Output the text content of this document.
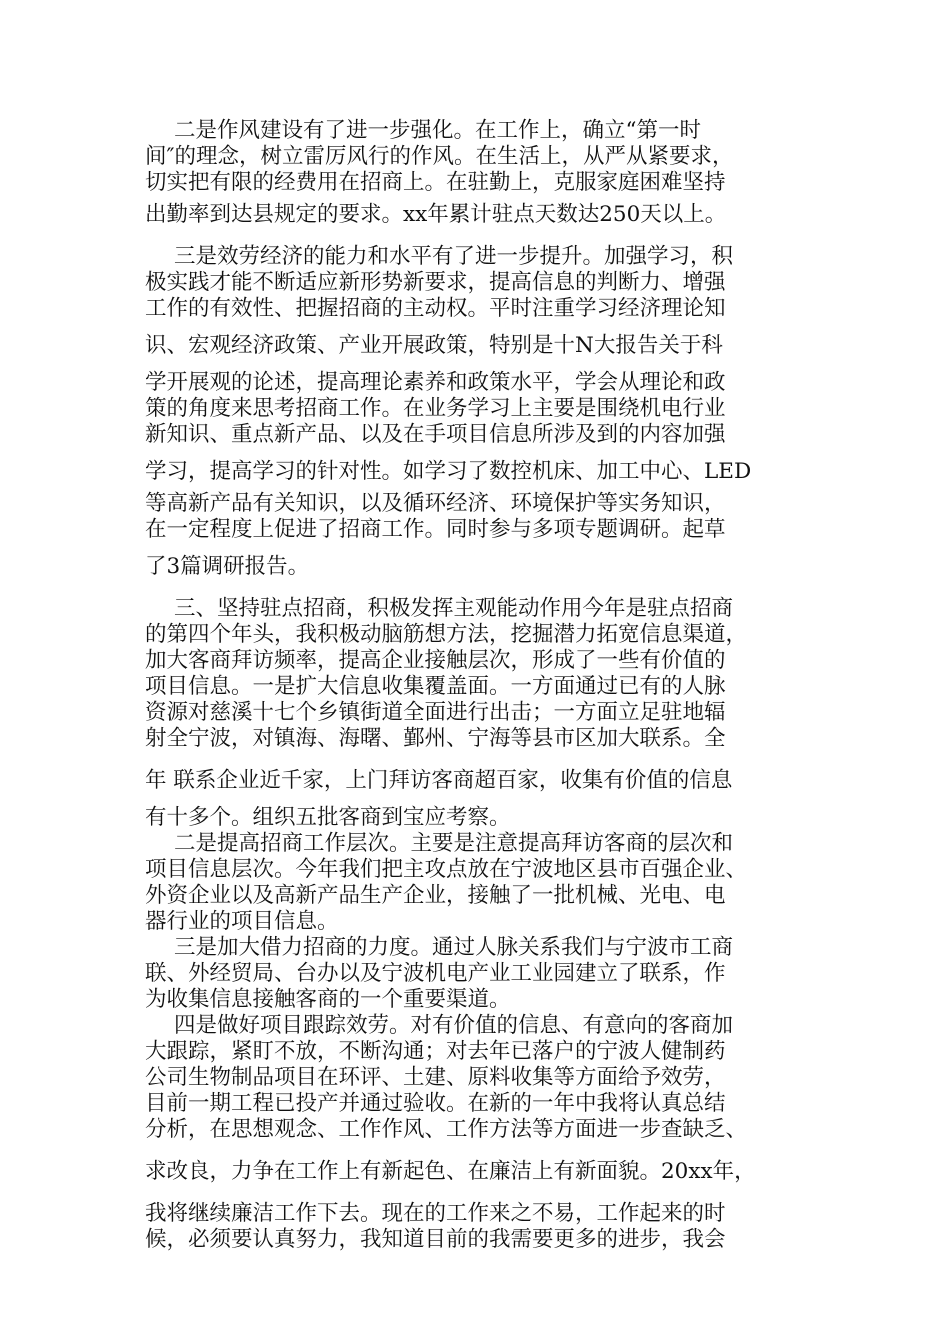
二是作风建设有了进一步强化。在工作上，确立“第一时
间″的理念，树立雷厉风行的作风。在生活上，从严从紧要求，
切实把有限的经费用在招商上。在驻勤上，克服家庭困难坚持
出勤率到达县规定的要求。xx年累计驻点天数达250天以上。
三是效劳经济的能力和水平有了进一步提升。加强学习，积
极实践才能不断适应新形势新要求，提高信息的判断力、增强
工作的有效性、把握招商的主动权。平时注重学习经济理论知
识、宏观经济政策、产业开展政策，特别是十N大报告关于科
学开展观的论述，提高理论素养和政策水平，学会从理论和政
策的角度来思考招商工作。在业务学习上主要是围绕机电行业
新知识、重点新产品、以及在手项目信息所涉及到的内容加强
学习，提高学习的针对性。如学习了数控机床、加工中心、LED
等高新产品有关知识，以及循环经济、环境保护等实务知识，
在一定程度上促进了招商工作。同时参与多项专题调研。起草
了3篇调研报告。
三、坚持驻点招商，积极发挥主观能动作用今年是驻点招商
的第四个年头，我积极动脑筋想方法，挖掘潜力拓宽信息渠道，
加大客商拜访频率，提高企业接触层次，形成了一些有价值的
项目信息。一是扩大信息收集覆盖面。一方面通过已有的人脉
资源对慈溪十七个乡镇街道全面进行出击；一方面立足驻地辐
射全宁波，对镇海、海曙、鄞州、宁海等县市区加大联系。全
年 联系企业近千家，上门拜访客商超百家，收集有价值的信息
有十多个。组织五批客商到宝应考察。
二是提高招商工作层次。主要是注意提高拜访客商的层次和
项目信息层次。今年我们把主攻点放在宁波地区县市百强企业、
外资企业以及高新产品生产企业，接触了一批机械、光电、电
器行业的项目信息。
三是加大借力招商的力度。通过人脉关系我们与宁波市工商
联、外经贸局、台办以及宁波机电产业工业园建立了联系，作
为收集信息接触客商的一个重要渠道。
四是做好项目跟踪效劳。对有价值的信息、有意向的客商加
大跟踪，紧盯不放，不断沟通；对去年已落户的宁波人健制药
公司生物制品项目在环评、土建、原料收集等方面给予效劳，
目前一期工程已投产并通过验收。在新的一年中我将认真总结
分析，在思想观念、工作作风、工作方法等方面进一步查缺乏、
求改良，力争在工作上有新起色、在廉洁上有新面貌。20xx年，
我将继续廉洁工作下去。现在的工作来之不易，工作起来的时
候，必须要认真努力，我知道目前的我需要更多的进步，我会
